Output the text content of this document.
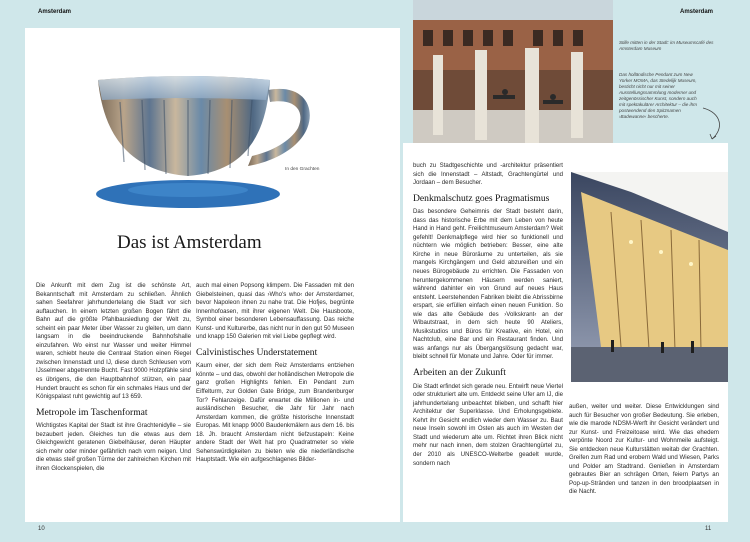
Amsterdam	Amsterdam
In den Grachten
Das ist Amsterdam

Die Ankunft mit dem Zug ist die schönste Art, Bekanntschaft mit Amsterdam zu schließen. Ähnlich sahen Seefahrer jahrhundertelang die Stadt vor sich auftauchen. In einem letzten großen Bogen fährt die Bahn auf die größte Pfahlbausiedlung der Welt zu, scheint ein paar Meter über Wasser zu gleiten, um dann langsam in die beeindruckende Bahnhofshalle einzufahren. Wo einst nur Wasser und weiter Himmel waren, schiebt heute die Centraal Station einen Riegel zwischen Innenstadt und IJ, diese durch Schleusen vom IJsselmeer abgetrennte Bucht. Fast 9000 Holzpfähle sind es übrigens, die den Hauptbahnhof stützen, ein paar Hundert braucht es schon für ein schmales Haus und der Königspalast ruht gewichtig auf 13 659.

Metropole im Taschenformat

Wichtigstes Kapital der Stadt ist ihre Grachtenidylle – sie bezaubert jeden. Gleiches tun die etwas aus dem Gleichgewicht geratenen Giebelhäuser, deren Häupter sich mehr oder minder gefährlich nach vorn neigen. Und die etwas steif großen Türme der zahlreichen Kirchen mit ihren Glockenspielen, die

auch mal einen Popsong klimpern. Die Fassaden mit den Giebelsteinen, quasi das ›Who's who‹ der Amsterdamer, bevor Napoleon ihnen zu nahe trat. Die Hofjes, begrünte Innenhofoasen, mit ihrer eigenen Welt. Die Hausboote, Symbol einer besonderen Lebensauffassung. Das reiche Kunst- und Kulturerbe, das nicht nur in den gut 50 Museen und knapp 150 Galerien mit viel Liebe gepflegt wird.

Calvinistisches Understatement

Kaum einer, der sich dem Reiz Amsterdams entziehen könnte – und das, obwohl der holländischen Metropole die ganz großen Highlights fehlen. Ein Pendant zum Eiffelturm, zur Golden Gate Bridge, zum Brandenburger Tor? Fehlanzeige. Dafür erwartet die Millionen in- und ausländischen Besucher, die Jahr für Jahr nach Amsterdam kommen, die größte historische Innenstadt Europas. Mit knapp 9000 Baudenkmälern aus dem 16. bis 18. Jh. braucht Amsterdam nicht tiefzustapeln: Keine andere Stadt der Welt hat pro Quadratmeter so viele Sehenswürdigkeiten zu bieten wie die niederländische Hauptstadt. Wie ein aufgeschlagenes Bilder-

10	11
Stille mitten in der Stadt: im Museumscafé des Amsterdam Museum
Das holländische Pendant zum New Yorker MOMA, das Stedelijk Museum, besticht nicht nur mit seiner Ausstellungssammlung moderner und zeitgenössischer Kunst, sondern auch mit spektakulärer Architektur – die ihm postwendend den Spitznamen ›Badewanne‹ bescherte.

buch zu Stadtgeschichte und -architektur präsentiert sich die Innenstadt – Altstadt, Grachtengürtel und Jordaan – dem Besucher.

Denkmalschutz goes Pragmatismus

Das besondere Geheimnis der Stadt besteht darin, dass das historische Erbe mit dem Leben von heute Hand in Hand geht. Freilichtmuseum Amsterdam? Weit gefehlt! Denkmalpflege wird hier so funktionell und nüchtern wie möglich betrieben: Besser, eine alte Kirche in neue Büroräume zu unterteilen, als sie mangels Kirchgängern und Geld abzureißen und ein neues Bürogebäude zu errichten. Die Fassaden von heruntergekommenen Häusern werden saniert, während dahinter ein von Grund auf neues Haus entsteht. Leerstehenden Fabriken bleibt die Abrissbirne erspart, sie erfüllen einfach einen neuen Funktion. So wie das alte Gebäude des ›Volkskrant‹ an der Wibautstraat, in dem sich heute 90 Ateliers, Musikstudios und Büros für Kreative, ein Hotel, ein Nachtclub, eine Bar und ein Restaurant finden. Und was anfangs nur als Übergangslösung gedacht war, bleibt schnell für Monate und Jahre. Oder für immer.

Arbeiten an der Zukunft

Die Stadt erfindet sich gerade neu. Entwirft neue Viertel oder strukturiert alte um. Entdeckt seine Ufer am IJ, die jahrhundertelang unbeachtet blieben, und schafft hier Architektur der Superklasse. Und Erholungsgebiete. Kehrt ihr Gesicht endlich wieder dem Wasser zu. Baut neue Inseln sowohl im Osten als auch im Westen der Stadt und wiederum alte um. Richtet ihren Blick nicht mehr nur nach innen, dem stolzen Grachtengürtel zu, der 2010 als UNESCO-Welterbe geadelt wurde, sondern nach

außen, weiter und weiter. Diese Entwicklungen sind auch für Besucher von großer Bedeutung. Sie erleben, wie die marode NDSM-Werft ihr Gesicht verändert und zur Kunst- und Freizeitoase wird. Wie das ehedem verpönte Noord zur Kultur- und Wohnmeile aufsteigt. Sie entdecken neue Kulturstätten weitab der Grachten. Greifen zum Rad und erobern Wald und Wiesen, Parks und Polder am Stadtrand. Genießen in Amsterdam gebrautes Bier an schrägen Orten, feiern Partys an Pop-up-Stränden und tanzen in den broodplaatsen in die Nacht.
